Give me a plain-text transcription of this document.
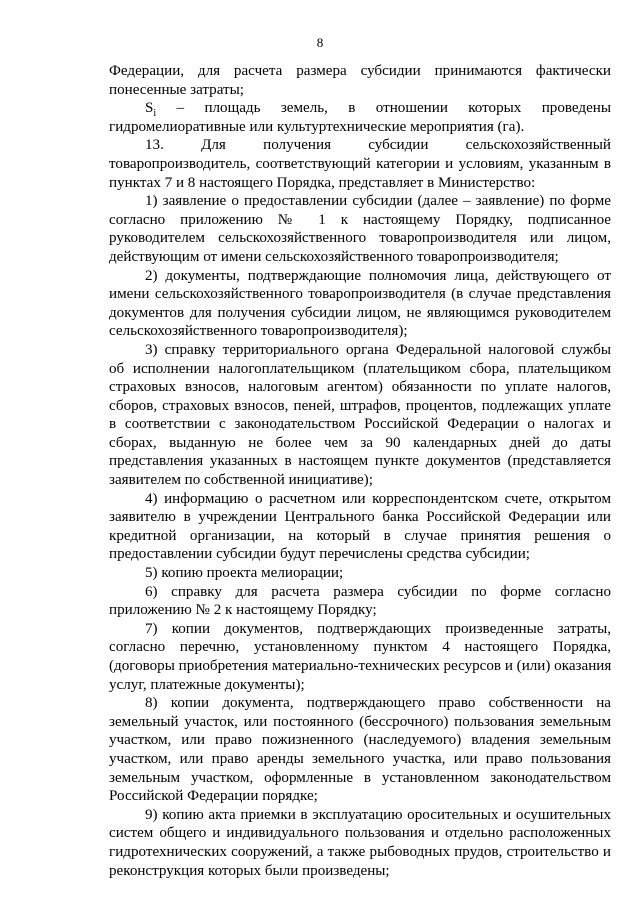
8
Федерации, для расчета размера субсидии принимаются фактически
понесенные затраты;
$S_i$ – площадь земель, в отношении которых проведены
гидромелиоративные или культуртехнические мероприятия (га).
13. Для получения субсидии сельскохозяйственный
товаропроизводитель, соответствующий категории и условиям, указанным в
пунктах 7 и 8 настоящего Порядка, представляет в Министерство:
1) заявление о предоставлении субсидии (далее – заявление) по форме
согласно приложению № 1 к настоящему Порядку, подписанное
руководителем сельскохозяйственного товаропроизводителя или лицом,
действующим от имени сельскохозяйственного товаропроизводителя;
2) документы, подтверждающие полномочия лица, действующего от
имени сельскохозяйственного товаропроизводителя (в случае представления
документов для получения субсидии лицом, не являющимся руководителем
сельскохозяйственного товаропроизводителя);
3) справку территориального органа Федеральной налоговой службы
об исполнении налогоплательщиком (плательщиком сбора, плательщиком
страховых взносов, налоговым агентом) обязанности по уплате налогов,
сборов, страховых взносов, пеней, штрафов, процентов, подлежащих уплате
в соответствии с законодательством Российской Федерации о налогах и
сборах, выданную не более чем за 90 календарных дней до даты
представления указанных в настоящем пункте документов (представляется
заявителем по собственной инициативе);
4) информацию о расчетном или корреспондентском счете, открытом
заявителю в учреждении Центрального банка Российской Федерации или
кредитной организации, на который в случае принятия решения о
предоставлении субсидии будут перечислены средства субсидии;
5) копию проекта мелиорации;
6) справку для расчета размера субсидии по форме согласно
приложению № 2 к настоящему Порядку;
7) копии документов, подтверждающих произведенные затраты,
согласно перечню, установленному пунктом 4 настоящего Порядка,
(договоры приобретения материально-технических ресурсов и (или) оказания
услуг, платежные документы);
8) копии документа, подтверждающего право собственности на
земельный участок, или постоянного (бессрочного) пользования земельным
участком, или право пожизненного (наследуемого) владения земельным
участком, или право аренды земельного участка, или право пользования
земельным участком, оформленные в установленном законодательством
Российской Федерации порядке;
9) копию акта приемки в эксплуатацию оросительных и осушительных
систем общего и индивидуального пользования и отдельно расположенных
гидротехнических сооружений, а также рыбоводных прудов, строительство и
реконструкция которых были произведены;
